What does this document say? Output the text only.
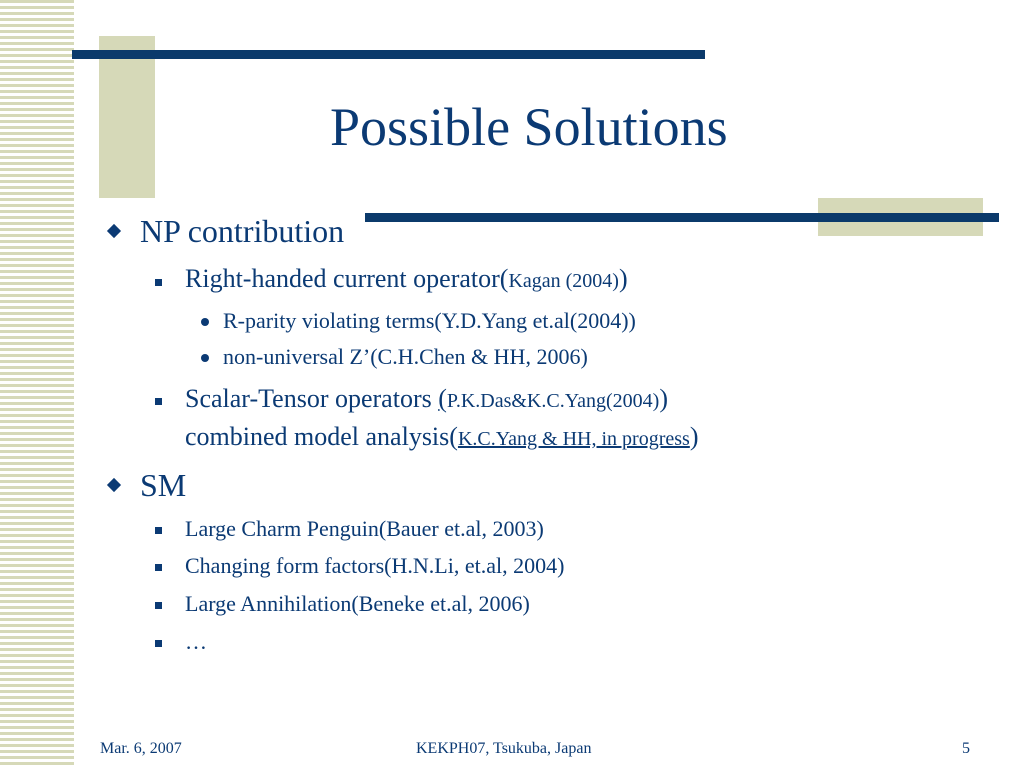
Possible Solutions
NP contribution
Right-handed current operator(Kagan (2004))
R-parity violating terms(Y.D.Yang et.al(2004))
non-universal Z’(C.H.Chen & HH, 2006)
Scalar-Tensor operators (P.K.Das&K.C.Yang(2004))
combined model analysis(K.C.Yang & HH, in progress)
SM
Large Charm Penguin(Bauer et.al, 2003)
Changing form factors(H.N.Li, et.al, 2004)
Large Annihilation(Beneke et.al, 2006)
…
Mar. 6, 2007	KEKPH07, Tsukuba, Japan	5
